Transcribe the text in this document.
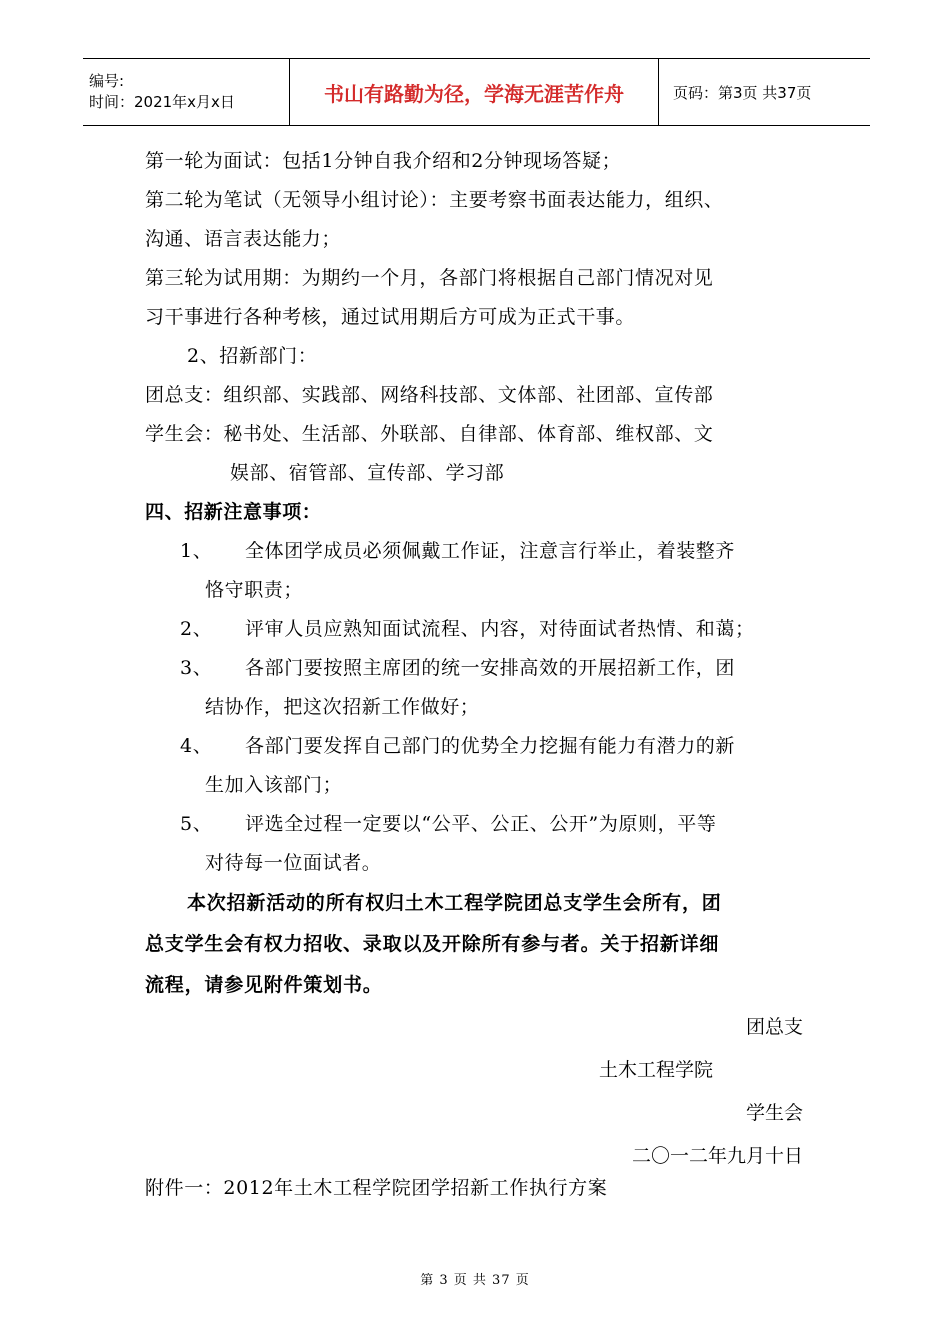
编号:
时间：2021年x月x日	书山有路勤为径，学海无涯苦作舟	页码：第3页 共37页
第一轮为面试：包括1分钟自我介绍和2分钟现场答疑；
第二轮为笔试（无领导小组讨论）：主要考察书面表达能力，组织、
沟通、语言表达能力；
第三轮为试用期：为期约一个月，各部门将根据自己部门情况对见
习干事进行各种考核，通过试用期后方可成为正式干事。
2、招新部门：
团总支：组织部、实践部、网络科技部、文体部、社团部、宣传部
学生会：秘书处、生活部、外联部、自律部、体育部、维权部、文
娱部、宿管部、宣传部、学习部
四、招新注意事项：
1、 全体团学成员必须佩戴工作证，注意言行举止，着装整齐
恪守职责；
2、 评审人员应熟知面试流程、内容，对待面试者热情、和蔼；
3、 各部门要按照主席团的统一安排高效的开展招新工作，团
结协作，把这次招新工作做好；
4、 各部门要发挥自己部门的优势全力挖掘有能力有潜力的新
生加入该部门；
5、 评选全过程一定要以“公平、公正、公开”为原则，平等
对待每一位面试者。
本次招新活动的所有权归土木工程学院团总支学生会所有，团
总支学生会有权力招收、录取以及开除所有参与者。关于招新详细
流程，请参见附件策划书。
团总支
土木工程学院
学生会
二〇一二年九月十日
附件一：2012年土木工程学院团学招新工作执行方案
第 3 页 共 37 页
